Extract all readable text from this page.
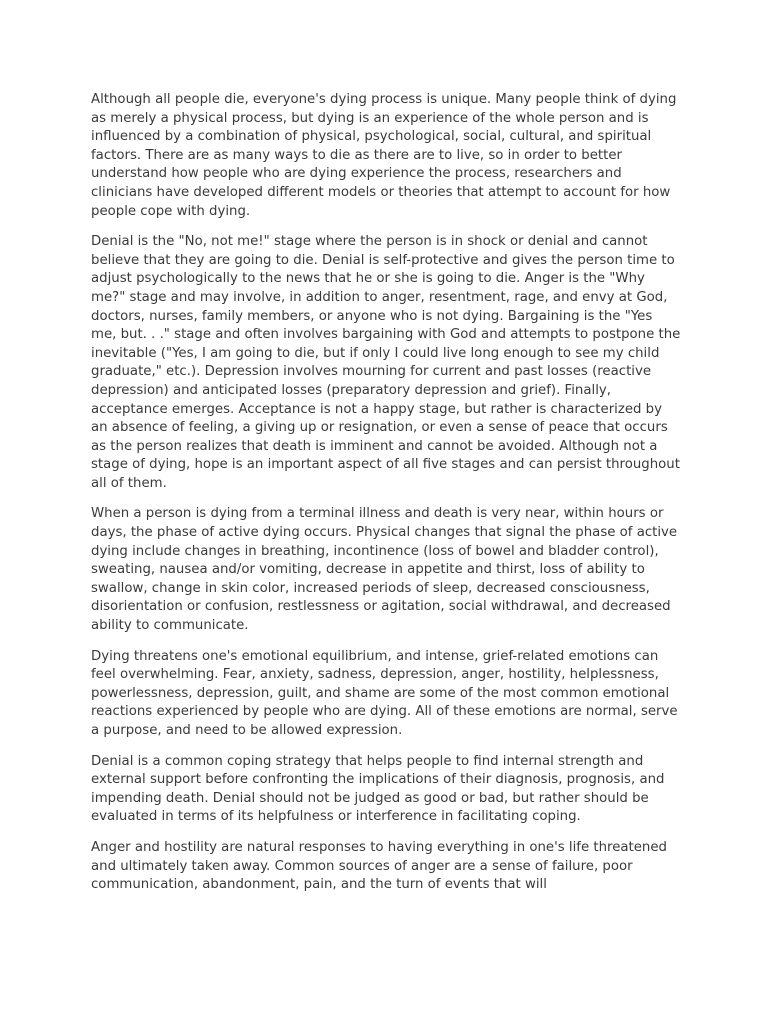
Although all people die, everyone's dying process is unique. Many people think of dying as merely a physical process, but dying is an experience of the whole person and is influenced by a combination of physical, psychological, social, cultural, and spiritual factors. There are as many ways to die as there are to live, so in order to better understand how people who are dying experience the process, researchers and clinicians have developed different models or theories that attempt to account for how people cope with dying.

Denial is the "No, not me!" stage where the person is in shock or denial and cannot believe that they are going to die. Denial is self-protective and gives the person time to adjust psychologically to the news that he or she is going to die. Anger is the "Why me?" stage and may involve, in addition to anger, resentment, rage, and envy at God, doctors, nurses, family members, or anyone who is not dying. Bargaining is the "Yes me, but. . ." stage and often involves bargaining with God and attempts to postpone the inevitable ("Yes, I am going to die, but if only I could live long enough to see my child graduate," etc.). Depression involves mourning for current and past losses (reactive depression) and anticipated losses (preparatory depression and grief). Finally, acceptance emerges. Acceptance is not a happy stage, but rather is characterized by an absence of feeling, a giving up or resignation, or even a sense of peace that occurs as the person realizes that death is imminent and cannot be avoided. Although not a stage of dying, hope is an important aspect of all five stages and can persist throughout all of them.

When a person is dying from a terminal illness and death is very near, within hours or days, the phase of active dying occurs. Physical changes that signal the phase of active dying include changes in breathing, incontinence (loss of bowel and bladder control), sweating, nausea and/or vomiting, decrease in appetite and thirst, loss of ability to swallow, change in skin color, increased periods of sleep, decreased consciousness, disorientation or confusion, restlessness or agitation, social withdrawal, and decreased ability to communicate.

Dying threatens one's emotional equilibrium, and intense, grief-related emotions can feel overwhelming. Fear, anxiety, sadness, depression, anger, hostility, helplessness, powerlessness, depression, guilt, and shame are some of the most common emotional reactions experienced by people who are dying. All of these emotions are normal, serve a purpose, and need to be allowed expression.

Denial is a common coping strategy that helps people to find internal strength and external support before confronting the implications of their diagnosis, prognosis, and impending death. Denial should not be judged as good or bad, but rather should be evaluated in terms of its helpfulness or interference in facilitating coping.

Anger and hostility are natural responses to having everything in one's life threatened and ultimately taken away. Common sources of anger are a sense of failure, poor communication, abandonment, pain, and the turn of events that will
